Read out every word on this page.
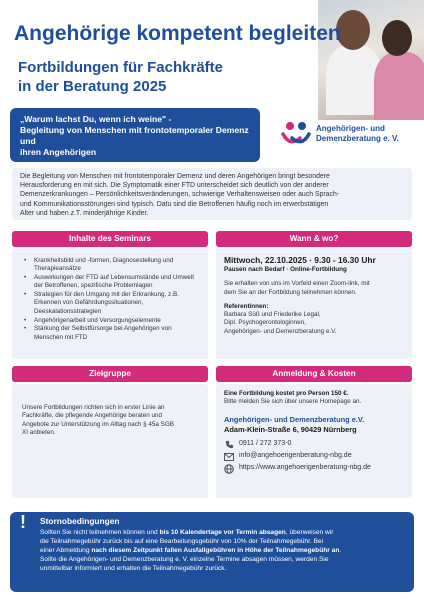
Angehörige kompetent begleiten
Fortbildungen für Fachkräfte
in der Beratung 2025
„Warum lachst Du, wenn ich weine" -
Begleitung von Menschen mit frontotemporaler Demenz und
ihren Angehörigen
Angehörigen- und
Demenzberatung e. V.
Die Begleitung von Menschen mit frontotemporaler Demenz und deren Angehörigen bringt besondere
Herausforderung en mit sich. Die Symptomatik einer FTD unterscheidet sich deutlich von der anderer
Demenzerkrankungen – Persönlichkeitsveränderungen, schwierige Verhaltensweisen oder auch Sprach-
und Kommunikationsstörungen sind typisch. Datu sind die Betroffenen häufig noch im erwerbstätigen
Alter und haben z.T. minderjährige Kinder.
Inhalte des Seminars
• Krankheitsbild und -formen, Diagnosestellung und Therapieansätze
• Auswirkungen der FTD auf Lebensumstände und Umwelt der Betroffenen, spezifische Problemlagen
• Strategien für den Umgang mit der Erkrankung, z.B. Erkennen von Gefährdungssituationen, Deeskalationsstrategien
• Angehörigenarbeit und Versorgungselemente
• Stärkung der Selbstfürsorge bei Angehörigen von Menschen mit FTD
Wann & wo?
Mittwoch, 22.10.2025 · 9.30 - 16.30 Uhr
Pausen nach Bedarf · Online-Fortbildung
Sie erhalten von uns im Vorfeld einen Zoom-link, mit
dem Sie an der Fortbildung teilnehmen können.
Referentinnen:
Barbara Süß und Friederike Legal,
Dipl. Psychogerontologinnen,
Angehörigen- und Demenzberatung e.V.
Zielgruppe
Unsere Fortbildungen richten sich in erster Linie an
Fachkräfte, die pflegende Angehörige beraten und
Angebote zur Unterstützung im Alltag nach § 45a SGB
XI anbieten.
Anmeldung & Kosten
Eine Fortbildung kostet pro Person 150 €.
Bitte melden Sie sich über unsere Homepage an.
Angehörigen- und Demenzberatung e.V.
Adam-Klein-Straße 6, 90429 Nürnberg
0911 / 272 373-0
info@angehoerigenberatung-nbg.de
https://www.angehoerigenberatung-nbg.de
! Stornobedingungen
Sollten Sie nicht teilnehmen können und bis 10 Kalendertage vor Termin absagen, überweisen wir
die Teilnahmegebühr zurück bis auf eine Bearbeitungsgebühr von 10% der Teilnahmegebühr. Bei
einer Abmeldung nach diesem Zeitpunkt fallen Ausfallgebühren in Höhe der Teilnahmegebühr an.
Sollte die Angehörigen- und Demenzberatung e. V. einzelne Termine absagen müssen, werden Sie
unmittelbar informiert und erhalten die Teilnahmegebühr zurück.
